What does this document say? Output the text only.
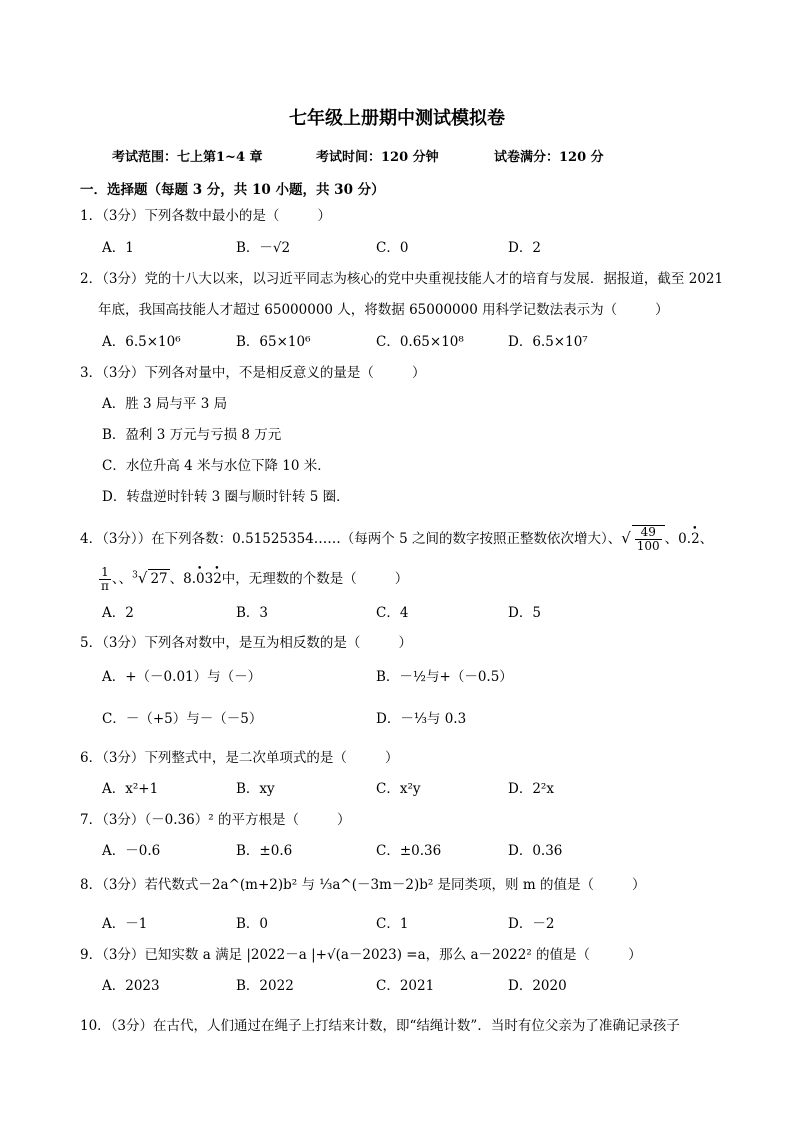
七年级上册期中测试模拟卷
考试范围：七上第1~4 章	考试时间：120 分钟	试卷满分：120 分
一．选择题（每题 3 分，共 10 小题，共 30 分）
1．（3分）下列各数中最小的是（	）
A．1	B．－√2	C．0	D．2
2．（3分）党的十八大以来，以习近平同志为核心的党中央重视技能人才的培育与发展．据报道，截至 2021
年底，我国高技能人才超过 65000000 人，将数据 65000000 用科学记数法表示为（	）
A．6.5×10⁶	B．65×10⁶	C．0.65×10⁸	D．6.5×10⁷
3．（3分）下列各对量中，不是相反意义的量是（	）
A．胜 3 局与平 3 局
B．盈利 3 万元与亏损 8 万元
C．水位升高 4 米与水位下降 10 米．
D．转盘逆时针转 3 圈与顺时针转 5 圈．
4．（3分））在下列各数：0.51525354……（每两个 5 之间的数字按照正整数依次增大）、√ $\frac{49}{100}$ 、0.• 2、
$\frac{1}{\pi}$ 、、$^3$√ 27 、8.• 03• 2中，无理数的个数是（	）
A．2	B．3	C．4	D．5
5．（3分）下列各对数中，是互为相反数的是（	）
A．+（－0.01）与（－）	B．－½与+（－0.5）
C．－（+5）与－（－5）	D．－⅓与 0.3
6．（3分）下列整式中，是二次单项式的是（	）
A．x²+1	B．xy	C．x²y	D．2²x
7．（3分）（－0.36）² 的平方根是（	）
A．－0.6	B．±0.6	C．±0.36	D．0.36
8．（3分）若代数式－2a^(m+2)b² 与 ⅓a^(－3m－2)b² 是同类项，则 m 的值是（	）
A．－1	B．0	C．1	D．－2
9．（3分）已知实数 a 满足 |2022－a |+√(a－2023) =a，那么 a－2022² 的值是（	）
A．2023	B．2022	C．2021	D．2020
10．（3分）在古代，人们通过在绳子上打结来计数，即“结绳计数”．当时有位父亲为了准确记录孩子
